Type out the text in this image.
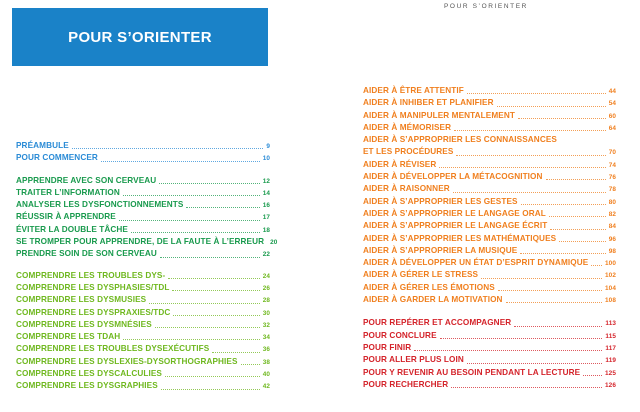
POUR S’ORIENTER
POUR S’ORIENTER
PRÉAMBULE	9
POUR COMMENCER	10
APPRENDRE AVEC SON CERVEAU	12
TRAITER L’INFORMATION	14
ANALYSER LES DYSFONCTIONNEMENTS	16
RÉUSSIR À APPRENDRE	17
ÉVITER LA DOUBLE TÂCHE	18
SE TROMPER POUR APPRENDRE, DE LA FAUTE À L’ERREUR 20
PRENDRE SOIN DE SON CERVEAU	22
COMPRENDRE LES TROUBLES DYS-	24
COMPRENDRE LES DYSPHASIES/TDL	26
COMPRENDRE LES DYSMUSIES	28
COMPRENDRE LES DYSPRAXIES/TDC	30
COMPRENDRE LES DYSMNÉSIES	32
COMPRENDRE LES TDAH	34
COMPRENDRE LES TROUBLES DYSEXÉCUTIFS	36
COMPRENDRE LES DYSLEXIES-DYSORTHOGRAPHIES	38
COMPRENDRE LES DYSCALCULIES	40
COMPRENDRE LES DYSGRAPHIES	42
AIDER À ÊTRE ATTENTIF	44
AIDER À INHIBER ET PLANIFIER	54
AIDER À MANIPULER MENTALEMENT	60
AIDER À MÉMORISER	64
AIDER À S’APPROPRIER LES CONNAISSANCES
ET LES PROCÉDURES	70
AIDER À RÉVISER	74
AIDER À DÉVELOPPER LA MÉTACOGNITION	76
AIDER À RAISONNER	78
AIDER À S’APPROPRIER LES GESTES	80
AIDER À S’APPROPRIER LE LANGAGE ORAL	82
AIDER À S’APPROPRIER LE LANGAGE ÉCRIT	84
AIDER À S’APPROPRIER LES MATHÉMATIQUES	96
AIDER À S’APPROPRIER LA MUSIQUE	98
AIDER À DÉVELOPPER UN ÉTAT D’ESPRIT DYNAMIQUE	100
AIDER À GÉRER LE STRESS	102
AIDER À GÉRER LES ÉMOTIONS	104
AIDER À GARDER LA MOTIVATION	108
POUR REPÉRER ET ACCOMPAGNER	113
POUR CONCLURE	115
POUR FINIR	117
POUR ALLER PLUS LOIN	119
POUR Y REVENIR AU BESOIN PENDANT LA LECTURE	125
POUR RECHERCHER	126
